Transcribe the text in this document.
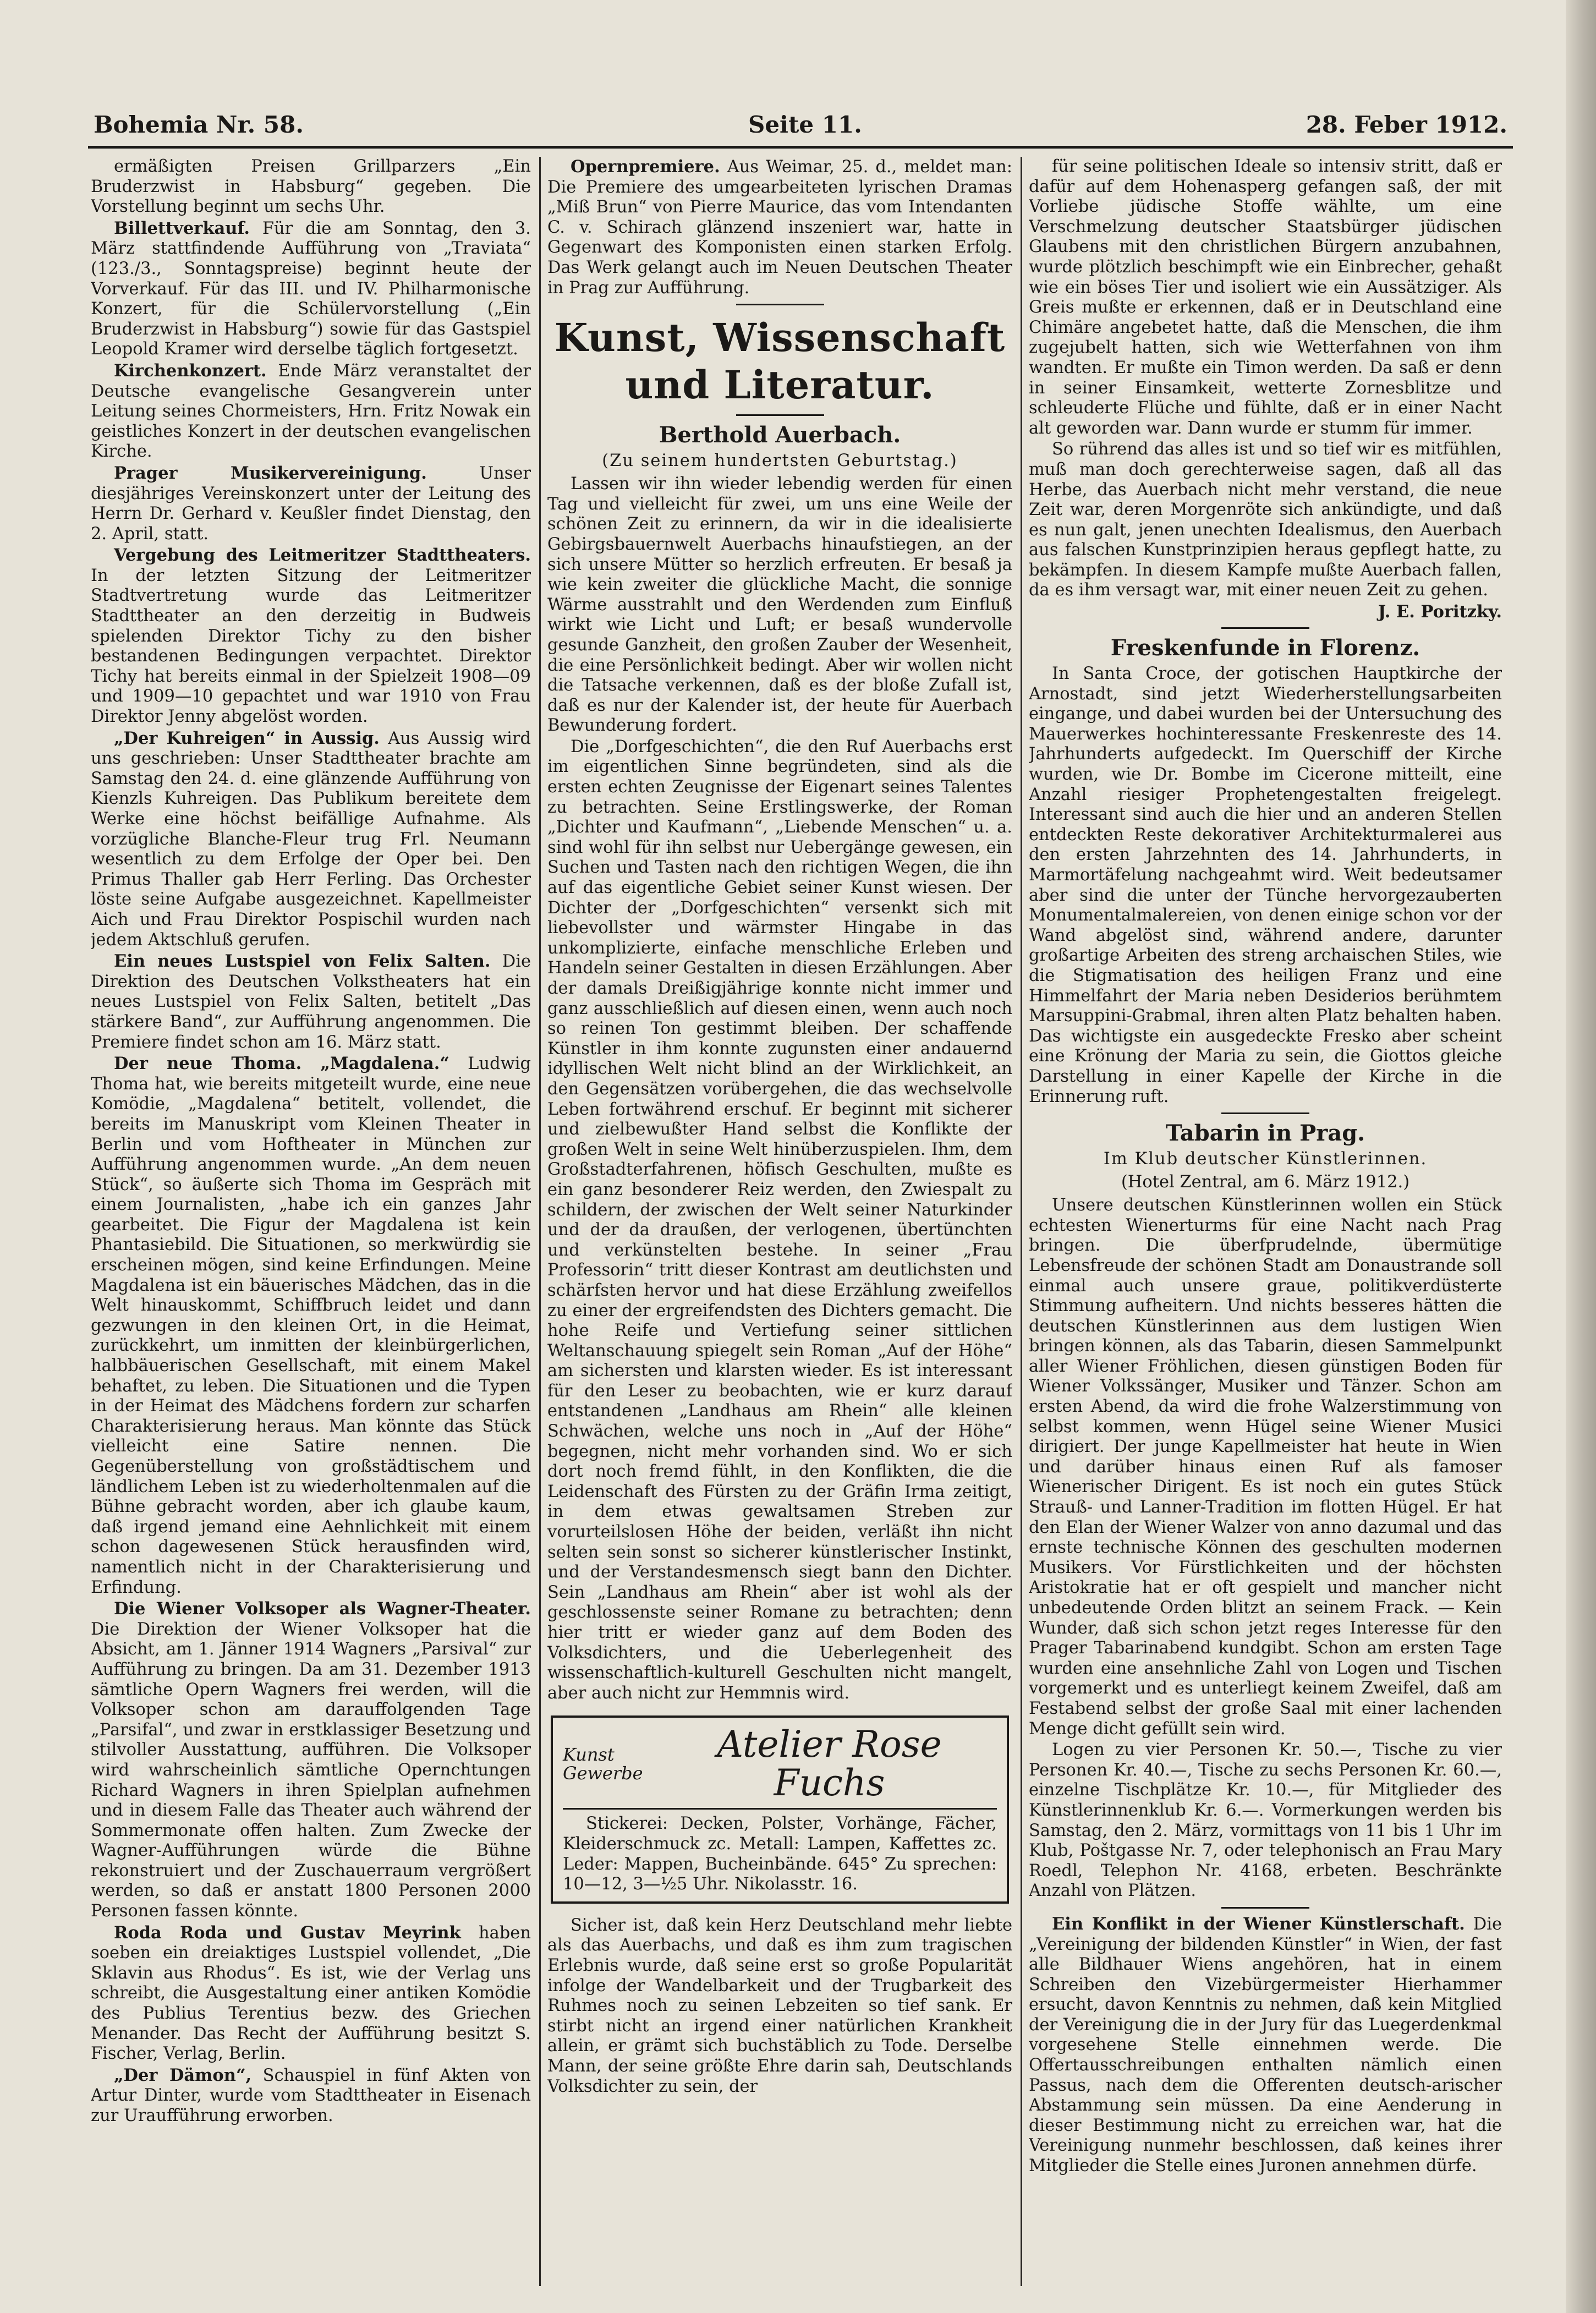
Bohemia Nr. 58.	Seite 11.	28. Feber 1912.

ermäßigten Preisen Grillparzers „Ein Bruderzwist in Habsburg“ gegeben. Die Vorstellung beginnt um sechs Uhr.

Billettverkauf. Für die am Sonntag, den 3. März stattfindende Aufführung von „Traviata“ (123./3., Sonntagspreise) beginnt heute der Vorverkauf. Für das III. und IV. Philharmonische Konzert, für die Schülervorstellung („Ein Bruderzwist in Habsburg“) sowie für das Gastspiel Leopold Kramer wird derselbe täglich fortgesetzt.

Kirchenkonzert. Ende März veranstaltet der Deutsche evangelische Gesangverein unter Leitung seines Chormeisters, Hrn. Fritz Nowak ein geistliches Konzert in der deutschen evangelischen Kirche.

Prager Musikervereinigung.	Unser diesjähriges Vereinskonzert unter der Leitung des Herrn Dr. Gerhard v. Keußler findet Dienstag, den 2. April, statt.

Vergebung des Leitmeritzer Stadttheaters. In der letzten Sitzung der Leitmeritzer Stadtvertretung wurde das Leitmeritzer Stadttheater an den derzeitig in Budweis spielenden Direktor Tichy zu den bisher bestandenen Bedingungen verpachtet. Direktor Tichy hat bereits einmal in der Spielzeit 1908—09 und 1909—10 gepachtet und war 1910 von Frau Direktor Jenny abgelöst worden.

„Der Kuhreigen“ in Aussig. Aus Aussig wird uns geschrieben: Unser Stadttheater brachte am Samstag den 24. d. eine glänzende Aufführung von Kienzls Kuhreigen. Das Publikum bereitete dem Werke eine höchst beifällige Aufnahme. Als vorzügliche Blanche-Fleur trug Frl. Neumann wesentlich zu dem Erfolge der Oper bei. Den Primus Thaller gab Herr Ferling. Das Orchester löste seine Aufgabe ausgezeichnet. Kapellmeister Aich und Frau Direktor Pospischil wurden nach jedem Aktschluß gerufen.

Ein neues Lustspiel von Felix Salten. Die Direktion des Deutschen Volkstheaters hat ein neues Lustspiel von Felix Salten, betitelt „Das stärkere Band“, zur Aufführung angenommen. Die Premiere findet schon am 16. März statt.

Der neue Thoma. „Magdalena.“ Ludwig Thoma hat, wie bereits mitgeteilt wurde, eine neue Komödie, „Magdalena“ betitelt, vollendet, die bereits im Manuskript vom Kleinen Theater in Berlin und vom Hoftheater in München zur Aufführung angenommen wurde. „An dem neuen Stück“, so äußerte sich Thoma im Gespräch mit einem Journalisten, „habe ich ein ganzes Jahr gearbeitet. Die Figur der Magdalena ist kein Phantasiebild. Die Situationen, so merkwürdig sie erscheinen mögen, sind keine Erfindungen. Meine Magdalena ist ein bäuerisches Mädchen, das in die Welt hinauskommt, Schiffbruch leidet und dann gezwungen in den kleinen Ort, in die Heimat, zurückkehrt, um inmitten der kleinbürgerlichen, halbbäuerischen Gesellschaft, mit einem Makel behaftet, zu leben. Die Situationen und die Typen in der Heimat des Mädchens fordern zur scharfen Charakterisierung heraus. Man könnte das Stück vielleicht eine Satire nennen. Die Gegenüberstellung von großstädtischem und ländlichem Leben ist zu wiederholtenmalen auf die Bühne gebracht worden, aber ich glaube kaum, daß irgend jemand eine Aehnlichkeit mit einem schon dagewesenen Stück herausfinden wird, namentlich nicht in der Charakterisierung und Erfindung.

Die Wiener Volksoper als Wagner-Theater. Die Direktion der Wiener Volksoper hat die Absicht, am 1. Jänner 1914 Wagners „Parsival“ zur Aufführung zu bringen. Da am 31. Dezember 1913 sämtliche Opern Wagners frei werden, will die Volksoper schon am darauffolgenden Tage „Parsifal“, und zwar in erstklassiger Besetzung und stilvoller Ausstattung, aufführen. Die Volksoper wird wahrscheinlich sämtliche Opernchtungen Richard Wagners in ihren Spielplan aufnehmen und in diesem Falle das Theater auch während der Sommermonate offen halten. Zum Zwecke der Wagner-Aufführungen würde die Bühne rekonstruiert und der Zuschauerraum vergrößert werden, so daß er anstatt 1800 Personen 2000 Personen fassen könnte.

Roda Roda und Gustav Meyrink haben soeben ein dreiaktiges Lustspiel vollendet, „Die Sklavin aus Rhodus“. Es ist, wie der Verlag uns schreibt, die Ausgestaltung einer antiken Komödie des Publius Terentius bezw. des Griechen Menander. Das Recht der Aufführung besitzt S. Fischer, Verlag, Berlin.

„Der Dämon“, Schauspiel in fünf Akten von Artur Dinter, wurde vom Stadttheater in Eisenach zur Uraufführung erworben.

Opernpremiere. Aus Weimar, 25. d., meldet man: Die Premiere des umgearbeiteten lyrischen Dramas „Miß Brun“ von Pierre Maurice, das vom Intendanten C. v. Schirach glänzend inszeniert war, hatte in Gegenwart des Komponisten einen starken Erfolg. Das Werk gelangt auch im Neuen Deutschen Theater in Prag zur Aufführung.

Kunst, Wissenschaft und Literatur.
Berthold Auerbach.
(Zu seinem hundertsten Geburtstag.)

Lassen wir ihn wieder lebendig werden für einen Tag und vielleicht für zwei, um uns eine Weile der schönen Zeit zu erinnern, da wir in die idealisierte Gebirgsbauernwelt Auerbachs hinaufstiegen, an der sich unsere Mütter so herzlich erfreuten. Er besaß ja wie kein zweiter die glückliche Macht, die sonnige Wärme ausstrahlt und den Werdenden zum Einfluß wirkt wie Licht und Luft; er besaß wundervolle gesunde Ganzheit, den großen Zauber der Wesenheit, die eine Persönlichkeit bedingt. Aber wir wollen nicht die Tatsache verkennen, daß es der bloße Zufall ist, daß es nur der Kalender ist, der heute für Auerbach Bewunderung fordert.

Die „Dorfgeschichten“, die den Ruf Auerbachs erst im eigentlichen Sinne begründeten, sind als die ersten echten Zeugnisse der Eigenart seines Talentes zu betrachten. Seine Erstlingswerke, der Roman „Dichter und Kaufmann“, „Liebende Menschen“ u. a. sind wohl für ihn selbst nur Uebergänge gewesen, ein Suchen und Tasten nach den richtigen Wegen, die ihn auf das eigentliche Gebiet seiner Kunst wiesen. Der Dichter der „Dorfgeschichten“ versenkt sich mit liebevollster und wärmster Hingabe in das unkomplizierte, einfache menschliche Erleben und Handeln seiner Gestalten in diesen Erzählungen. Aber der damals Dreißigjährige konnte nicht immer und ganz ausschließlich auf diesen einen, wenn auch noch so reinen Ton gestimmt bleiben. Der schaffende Künstler in ihm konnte zugunsten einer andauernd idyllischen Welt nicht blind an der Wirklichkeit, an den Gegensätzen vorübergehen, die das wechselvolle Leben fortwährend erschuf. Er beginnt mit sicherer und zielbewußter Hand selbst die Konflikte der großen Welt in seine Welt hinüberzuspielen. Ihm, dem Großstadterfahrenen, höfisch Geschulten, mußte es ein ganz besonderer Reiz werden, den Zwiespalt zu schildern, der zwischen der Welt seiner Naturkinder und der da draußen, der verlogenen, übertünchten und verkünstelten bestehe. In seiner „Frau Professorin“ tritt dieser Kontrast am deutlichsten und schärfsten hervor und hat diese Erzählung zweifellos zu einer der ergreifendsten des Dichters gemacht. Die hohe Reife und Vertiefung seiner sittlichen Weltanschauung spiegelt sein Roman „Auf der Höhe“ am sichersten und klarsten wieder. Es ist interessant für den Leser zu beobachten, wie er kurz darauf entstandenen „Landhaus am Rhein“ alle kleinen Schwächen, welche uns noch in „Auf der Höhe“ begegnen, nicht mehr vorhanden sind. Wo er sich dort noch fremd fühlt, in den Konflikten, die die Leidenschaft des Fürsten zu der Gräfin Irma zeitigt, in dem etwas gewaltsamen Streben zur vorurteilslosen Höhe der beiden, verläßt ihn nicht selten sein sonst so sicherer künstlerischer Instinkt, und der Verstandesmensch siegt bann den Dichter. Sein „Landhaus am Rhein“ aber ist wohl als der geschlossenste seiner Romane zu betrachten; denn hier tritt er wieder ganz auf dem Boden des Volksdichters, und die Ueberlegenheit des wissenschaftlich-kulturell Geschulten nicht mangelt, aber auch nicht zur Hemmnis wird.

Kunst Gewerbe
Atelier Rose Fuchs

Stickerei: Decken, Polster, Vorhänge, Fächer, Kleiderschmuck zc. Metall: Lampen, Kaffettes zc. Leder: Mappen, Bucheinbände. 645° Zu sprechen: 10—12, 3—½5 Uhr. Nikolasstr. 16.

Sicher ist, daß kein Herz Deutschland mehr liebte als das Auerbachs, und daß es ihm zum tragischen Erlebnis wurde, daß seine erst so große Popularität infolge der Wandelbarkeit und der Trugbarkeit des Ruhmes noch zu seinen Lebzeiten so tief sank. Er stirbt nicht an irgend einer natürlichen Krankheit allein, er grämt sich buchstäblich zu Tode. Derselbe Mann, der seine größte Ehre darin sah, Deutschlands Volksdichter zu sein, der

für seine politischen Ideale so intensiv stritt, daß er dafür auf dem Hohenasperg gefangen saß, der mit Vorliebe jüdische Stoffe wählte, um eine Verschmelzung deutscher Staatsbürger jüdischen Glaubens mit den christlichen Bürgern anzubahnen, wurde plötzlich beschimpft wie ein Einbrecher, gehaßt wie ein böses Tier und isoliert wie ein Aussätziger. Als Greis mußte er erkennen, daß er in Deutschland eine Chimäre angebetet hatte, daß die Menschen, die ihm zugejubelt hatten, sich wie Wetterfahnen von ihm wandten. Er mußte ein Timon werden. Da saß er denn in seiner Einsamkeit, wetterte Zornesblitze und schleuderte Flüche und fühlte, daß er in einer Nacht alt geworden war. Dann wurde er stumm für immer.

So rührend das alles ist und so tief wir es mitfühlen, muß man doch gerechterweise sagen, daß all das Herbe, das Auerbach nicht mehr verstand, die neue Zeit war, deren Morgenröte sich ankündigte, und daß es nun galt, jenen unechten Idealismus, den Auerbach aus falschen Kunstprinzipien heraus gepflegt hatte, zu bekämpfen. In diesem Kampfe mußte Auerbach fallen, da es ihm versagt war, mit einer neuen Zeit zu gehen.

J. E. Poritzky.
Freskenfunde in Florenz.

In Santa Croce, der gotischen Hauptkirche der Arnostadt, sind jetzt Wiederherstellungsarbeiten eingange, und dabei wurden bei der Untersuchung des Mauerwerkes hochinteressante Freskenreste des 14. Jahrhunderts aufgedeckt. Im Querschiff der Kirche wurden, wie Dr. Bombe im Cicerone mitteilt, eine Anzahl riesiger Prophetengestalten freigelegt. Interessant sind auch die hier und an anderen Stellen entdeckten Reste dekorativer Architekturmalerei aus den ersten Jahrzehnten des 14. Jahrhunderts, in Marmortäfelung nachgeahmt wird. Weit bedeutsamer aber sind die unter der Tünche hervorgezauberten Monumentalmalereien, von denen einige schon vor der Wand abgelöst sind, während andere, darunter großartige Arbeiten des streng archaischen Stiles, wie die Stigmatisation des heiligen Franz und eine Himmelfahrt der Maria neben Desiderios berühmtem Marsuppini-Grabmal, ihren alten Platz behalten haben. Das wichtigste ein ausgedeckte Fresko aber scheint eine Krönung der Maria zu sein, die Giottos gleiche Darstellung in einer Kapelle der Kirche in die Erinnerung ruft.

Tabarin in Prag.
Im Klub deutscher Künstlerinnen.
(Hotel Zentral, am 6. März 1912.)

Unsere deutschen Künstlerinnen wollen ein Stück echtesten Wienerturms für eine Nacht nach Prag bringen. Die überfprudelnde, übermütige Lebensfreude der schönen Stadt am Donaustrande soll einmal auch unsere graue, politikverdüsterte Stimmung aufheitern. Und nichts besseres hätten die deutschen Künstlerinnen aus dem lustigen Wien bringen können, als das Tabarin, diesen Sammelpunkt aller Wiener Fröhlichen, diesen günstigen Boden für Wiener Volkssänger, Musiker und Tänzer. Schon am ersten Abend, da wird die frohe Walzerstimmung von selbst kommen, wenn Hügel seine Wiener Musici dirigiert. Der junge Kapellmeister hat heute in Wien und darüber hinaus einen Ruf als famoser Wienerischer Dirigent. Es ist noch ein gutes Stück Strauß- und Lanner-Tradition im flotten Hügel. Er hat den Elan der Wiener Walzer von anno dazumal und das ernste technische Können des geschulten modernen Musikers. Vor Fürstlichkeiten und der höchsten Aristokratie hat er oft gespielt und mancher nicht unbedeutende Orden blitzt an seinem Frack. — Kein Wunder, daß sich schon jetzt reges Interesse für den Prager Tabarinabend kundgibt. Schon am ersten Tage wurden eine ansehnliche Zahl von Logen und Tischen vorgemerkt und es unterliegt keinem Zweifel, daß am Festabend selbst der große Saal mit einer lachenden Menge dicht gefüllt sein wird.

Logen zu vier Personen Kr. 50.—, Tische zu vier Personen Kr. 40.—, Tische zu sechs Personen Kr. 60.—, einzelne Tischplätze Kr. 10.—, für Mitglieder des Künstlerinnenklub Kr. 6.—. Vormerkungen werden bis Samstag, den 2. März, vormittags von 11 bis 1 Uhr im Klub, Poštgasse Nr. 7, oder telephonisch an Frau Mary Roedl, Telephon Nr. 4168, erbeten. Beschränkte Anzahl von Plätzen.

Ein Konflikt in der Wiener Künstlerschaft. Die „Vereinigung der bildenden Künstler“ in Wien, der fast alle Bildhauer Wiens angehören, hat in einem Schreiben den Vizebürgermeister Hierhammer ersucht, davon Kenntnis zu nehmen, daß kein Mitglied der Vereinigung die in der Jury für das Luegerdenkmal vorgesehene Stelle einnehmen werde. Die Offertausschreibungen enthalten nämlich einen Passus, nach dem die Offerenten deutsch-arischer Abstammung sein müssen. Da eine Aenderung in dieser Bestimmung nicht zu erreichen war, hat die Vereinigung nunmehr beschlossen, daß keines ihrer Mitglieder die Stelle eines Juronen annehmen dürfe.
